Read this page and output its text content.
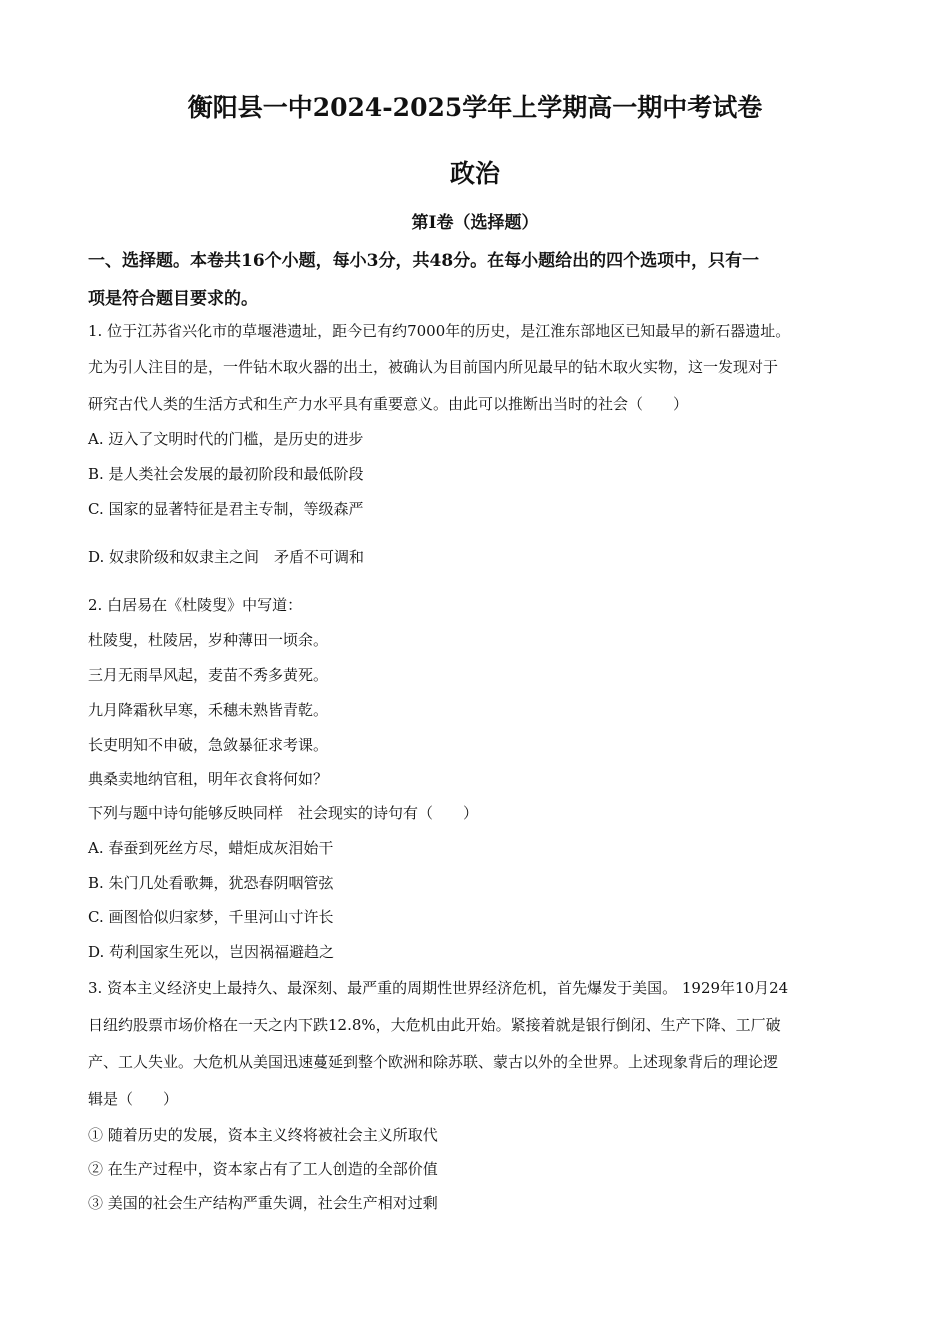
衡阳县一中2024-2025学年上学期高一期中考试卷
政治
第Ⅰ卷（选择题）

一、选择题。本卷共16个小题，每小3分，共48分。在每小题给出的四个选项中，只有一

项是符合题目要求的。

1. 位于江苏省兴化市的草堰港遗址，距今已有约7000年的历史，是江淮东部地区已知最早的新石器遗址。

尤为引人注目的是，一件钻木取火器的出土，被确认为目前国内所见最早的钻木取火实物，这一发现对于

研究古代人类的生活方式和生产力水平具有重要意义。由此可以推断出当时的社会（　　）

A. 迈入了文明时代的门槛，是历史的进步

B. 是人类社会发展的最初阶段和最低阶段

C. 国家的显著特征是君主专制，等级森严

D. 奴隶阶级和奴隶主之间　矛盾不可调和

2. 白居易在《杜陵叟》中写道：

杜陵叟，杜陵居，岁种薄田一顷余。

三月无雨旱风起，麦苗不秀多黄死。

九月降霜秋早寒，禾穗未熟皆青乾。

长吏明知不申破，急敛暴征求考课。

典桑卖地纳官租，明年衣食将何如？

下列与题中诗句能够反映同样　社会现实的诗句有（　　）

A. 春蚕到死丝方尽，蜡炬成灰泪始干

B. 朱门几处看歌舞，犹恐春阴咽管弦

C. 画图恰似归家梦，千里河山寸许长

D. 苟利国家生死以，岂因祸福避趋之

3. 资本主义经济史上最持久、最深刻、最严重的周期性世界经济危机，首先爆发于美国。 1929年10月24

日纽约股票市场价格在一天之内下跌12.8%，大危机由此开始。紧接着就是银行倒闭、生产下降、工厂破

产、工人失业。大危机从美国迅速蔓延到整个欧洲和除苏联、蒙古以外的全世界。上述现象背后的理论逻

辑是（　　）

① 随着历史的发展，资本主义终将被社会主义所取代

② 在生产过程中，资本家占有了工人创造的全部价值

③ 美国的社会生产结构严重失调，社会生产相对过剩
